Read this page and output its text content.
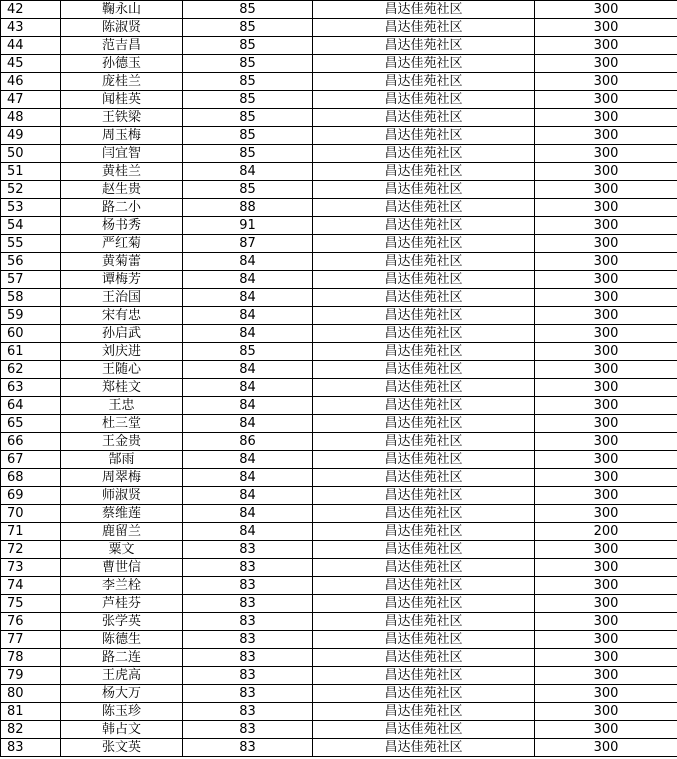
42	鞠永山	85	昌达佳苑社区	300
43	陈淑贤	85	昌达佳苑社区	300
44	范吉昌	85	昌达佳苑社区	300
45	孙德玉	85	昌达佳苑社区	300
46	庞桂兰	85	昌达佳苑社区	300
47	闻桂英	85	昌达佳苑社区	300
48	王铁梁	85	昌达佳苑社区	300
49	周玉梅	85	昌达佳苑社区	300
50	闫宜智	85	昌达佳苑社区	300
51	黄桂兰	84	昌达佳苑社区	300
52	赵生贵	85	昌达佳苑社区	300
53	路二小	88	昌达佳苑社区	300
54	杨书秀	91	昌达佳苑社区	300
55	严红菊	87	昌达佳苑社区	300
56	黄菊蕾	84	昌达佳苑社区	300
57	谭梅芳	84	昌达佳苑社区	300
58	王治国	84	昌达佳苑社区	300
59	宋有忠	84	昌达佳苑社区	300
60	孙启武	84	昌达佳苑社区	300
61	刘庆进	85	昌达佳苑社区	300
62	王随心	84	昌达佳苑社区	300
63	郑桂文	84	昌达佳苑社区	300
64	王忠	84	昌达佳苑社区	300
65	杜三堂	84	昌达佳苑社区	300
66	王金贵	86	昌达佳苑社区	300
67	郜雨	84	昌达佳苑社区	300
68	周翠梅	84	昌达佳苑社区	300
69	师淑贤	84	昌达佳苑社区	300
70	蔡维莲	84	昌达佳苑社区	300
71	鹿留兰	84	昌达佳苑社区	200
72	粟文	83	昌达佳苑社区	300
73	曹世信	83	昌达佳苑社区	300
74	李兰栓	83	昌达佳苑社区	300
75	芦桂芬	83	昌达佳苑社区	300
76	张学英	83	昌达佳苑社区	300
77	陈德生	83	昌达佳苑社区	300
78	路二连	83	昌达佳苑社区	300
79	王虎高	83	昌达佳苑社区	300
80	杨大万	83	昌达佳苑社区	300
81	陈玉珍	83	昌达佳苑社区	300
82	韩占文	83	昌达佳苑社区	300
83	张文英	83	昌达佳苑社区	300
